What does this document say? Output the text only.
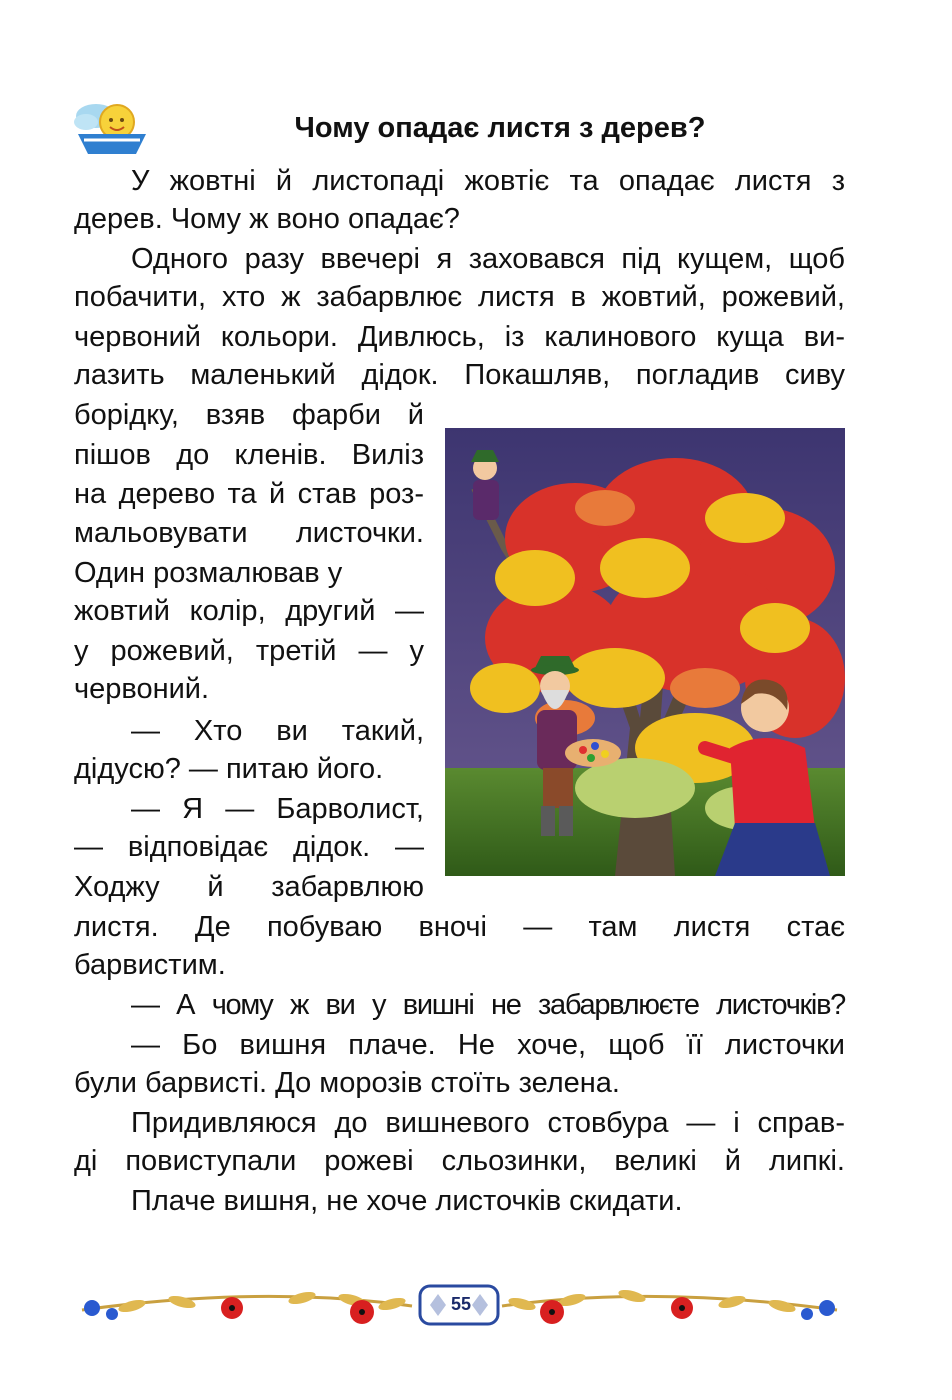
Чому опадає листя з дерев?
У жовтні й листопаді жовтіє та опадає листя з
дерев. Чому ж воно опадає?
Одного разу ввечері я заховався під кущем, щоб
побачити, хто ж забарвлює листя в жовтий, рожевий,
червоний кольори. Дивлюсь, із калинового куща ви-
лазить маленький дідок. Покашляв, погладив сиву
борідку, взяв фарби й
пішов до кленів. Виліз
на дерево та й став роз-
мальовувати листочки.
Один розмалював у
жовтий колір, другий —
у рожевий, третій — у
червоний.
— Хто ви такий,
дідусю? — питаю його.
— Я — Барволист,
— відповідає дідок. —
Ходжу й забарвлюю
листя. Де побуваю вночі — там листя стає
барвистим.
— А чому ж ви у вишні не забарвлюєте листочків?
— Бо вишня плаче. Не хоче, щоб її листочки
були барвисті. До морозів стоїть зелена.
Придивляюся до вишневого стовбура — і справ-
ді повиступали рожеві сльозинки, великі й липкі.
Плаче вишня, не хоче листочків скидати.
55
